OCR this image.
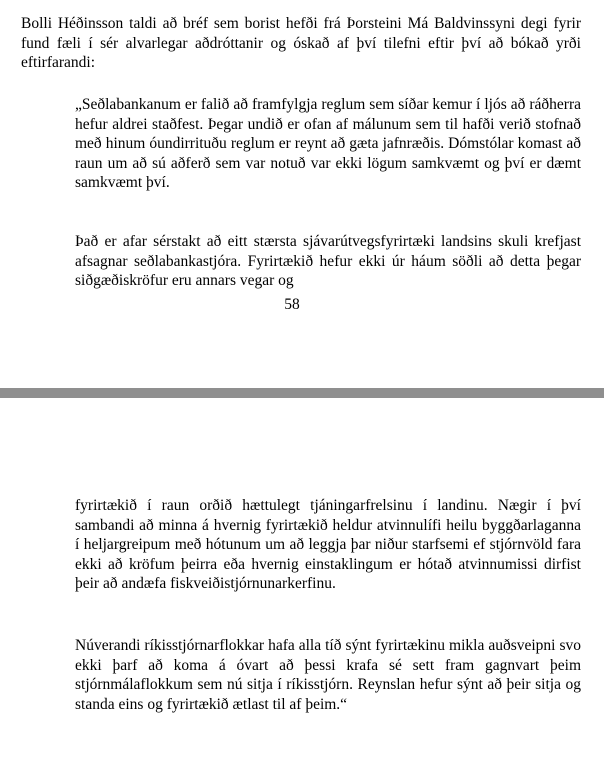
Bolli Héðinsson taldi að bréf sem borist hefði frá Þorsteini Má Baldvinssyni degi fyrir fund fæli í sér alvarlegar aðdróttanir og óskað af því tilefni eftir því að bókað yrði eftirfarandi:

„Seðlabankanum er falið að framfylgja reglum sem síðar kemur í ljós að ráðherra hefur aldrei staðfest. Þegar undið er ofan af málunum sem til hafði verið stofnað með hinum óundirrituðu reglum er reynt að gæta jafnræðis. Dómstólar komast að raun um að sú aðferð sem var notuð var ekki lögum samkvæmt og því er dæmt samkvæmt því.

Það er afar sérstakt að eitt stærsta sjávarútvegsfyrirtæki landsins skuli krefjast afsagnar seðlabankastjóra. Fyrirtækið hefur ekki úr háum söðli að detta þegar siðgæðiskröfur eru annars vegar og

58

fyrirtækið í raun orðið hættulegt tjáningarfrelsinu í landinu. Nægir í því sambandi að minna á hvernig fyrirtækið heldur atvinnulífi heilu byggðarlaganna í heljargreipum með hótunum um að leggja þar niður starfsemi ef stjórnvöld fara ekki að kröfum þeirra eða hvernig einstaklingum er hótað atvinnumissi dirfist þeir að andæfa fiskveiðistjórnunarkerfinu.

Núverandi ríkisstjórnarflokkar hafa alla tíð sýnt fyrirtækinu mikla auðsveipni svo ekki þarf að koma á óvart að þessi krafa sé sett fram gagnvart þeim stjórnmálaflokkum sem nú sitja í ríkisstjórn. Reynslan hefur sýnt að þeir sitja og standa eins og fyrirtækið ætlast til af þeim.“
